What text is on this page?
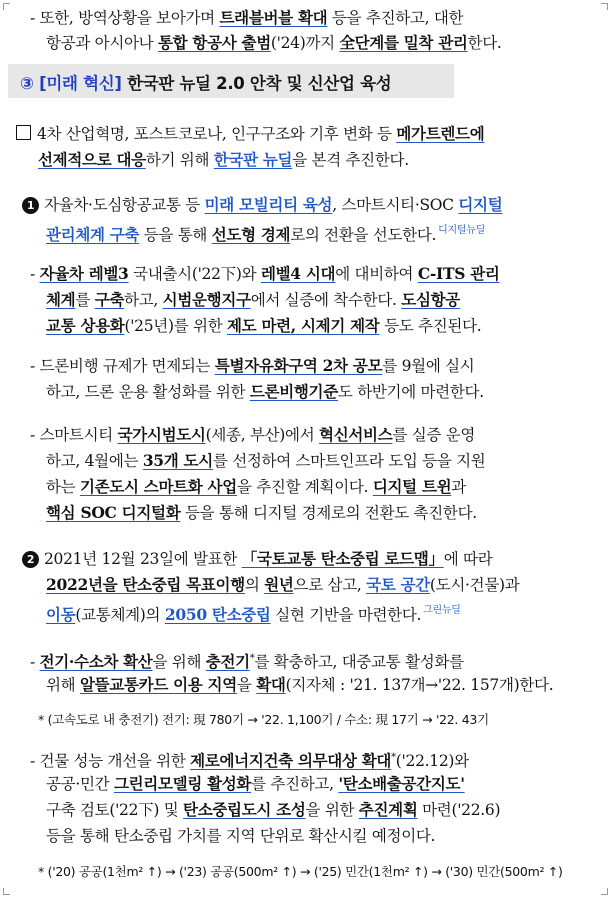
- 또한, 방역상황을 보아가며 트래블버블 확대 등을 추진하고, 대한
항공과 아시아나 통합 항공사 출범('24)까지 全단계를 밀착 관리한다.
③ [미래 혁신] 한국판 뉴딜 2.0 안착 및 신산업 육성
4차 산업혁명, 포스트코로나, 인구구조와 기후 변화 등 메가트렌드에
선제적으로 대응하기 위해 한국판 뉴딜을 본격 추진한다.
1 자율차·도심항공교통 등 미래 모빌리티 육성, 스마트시티·SOC 디지털
관리체계 구축 등을 통해 선도형 경제로의 전환을 선도한다. $^{디지털뉴딜}$
- 자율차 레벨3 국내출시('22下)와 레벨4 시대에 대비하여 C-ITS 관리
체계를 구축하고, 시범운행지구에서 실증에 착수한다. 도심항공
교통 상용화('25년)를 위한 제도 마련, 시제기 제작 등도 추진된다.
- 드론비행 규제가 면제되는 특별자유화구역 2차 공모를 9월에 실시
하고, 드론 운용 활성화를 위한 드론비행기준도 하반기에 마련한다.
- 스마트시티 국가시범도시(세종, 부산)에서 혁신서비스를 실증 운영
하고, 4월에는 35개 도시를 선정하여 스마트인프라 도입 등을 지원
하는 기존도시 스마트화 사업을 추진할 계획이다. 디지털 트윈과
핵심 SOC 디지털화 등을 통해 디지털 경제로의 전환도 촉진한다.
2 2021년 12월 23일에 발표한 「국토교통 탄소중립 로드맵」에 따라
2022년을 탄소중립 목표이행의 원년으로 삼고, 국토 공간(도시·건물)과
이동(교통체계)의 2050 탄소중립 실현 기반을 마련한다. $^{그린뉴딜}$
- 전기·수소차 확산을 위해 충전기*를 확충하고, 대중교통 활성화를
위해 알뜰교통카드 이용 지역을 확대(지자체 : '21. 137개→'22. 157개)한다.
* (고속도로 내 충전기) 전기: 現 780기 → '22. 1,100기 / 수소: 現 17기 → '22. 43기
- 건물 성능 개선을 위한 제로에너지건축 의무대상 확대*('22.12)와
공공·민간 그린리모델링 활성화를 추진하고, '탄소배출공간지도'
구축 검토('22下) 및 탄소중립도시 조성을 위한 추진계획 마련('22.6)
등을 통해 탄소중립 가치를 지역 단위로 확산시킬 예정이다.
* ('20) 공공(1천m² ↑) → ('23) 공공(500m² ↑) → ('25) 민간(1천m² ↑) → ('30) 민간(500m² ↑)
